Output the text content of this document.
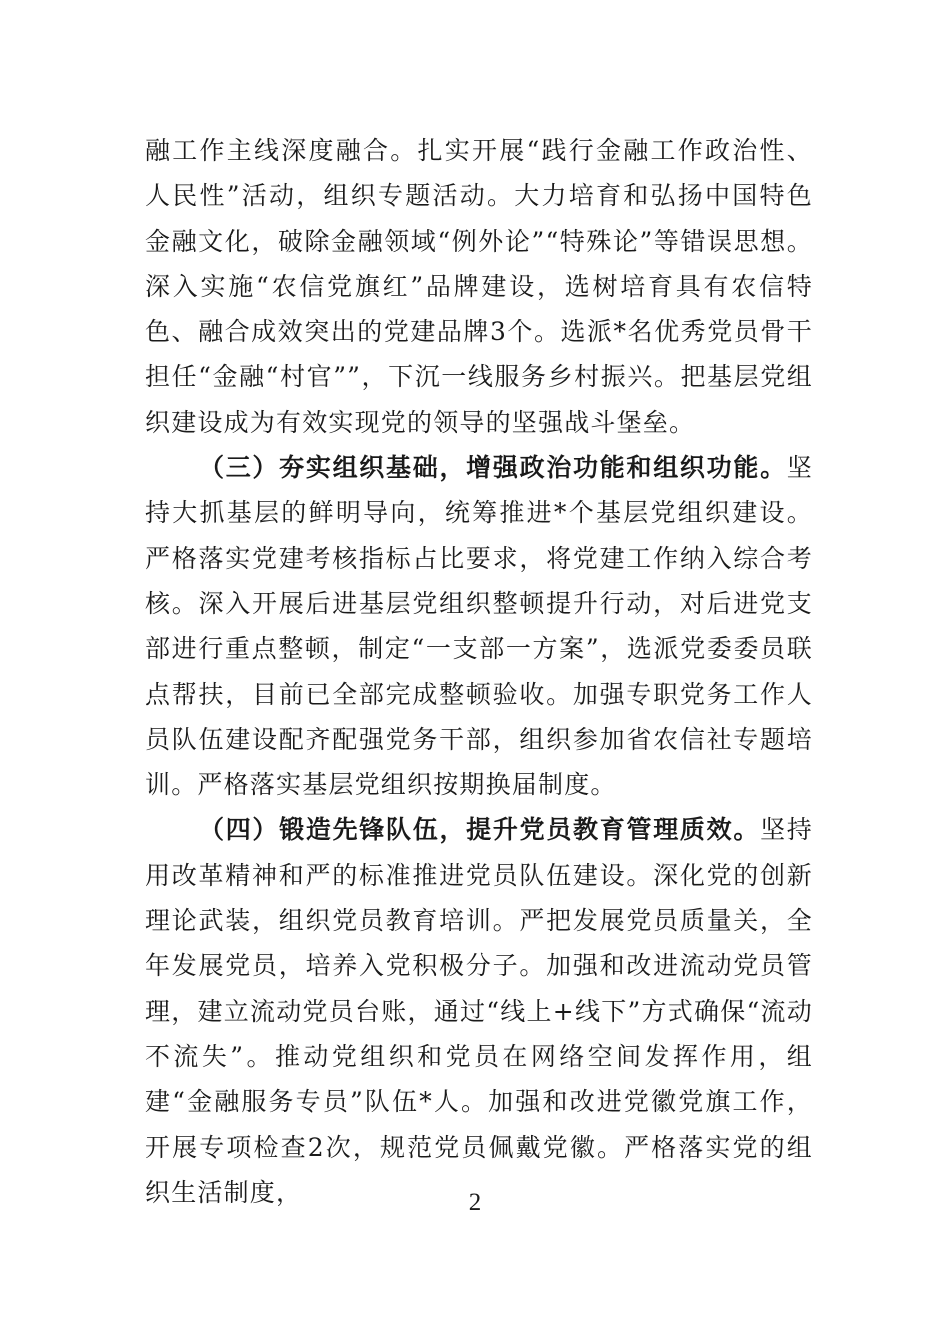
融工作主线深度融合。扎实开展“践行金融工作政治性、人民性”活动，组织专题活动。大力培育和弘扬中国特色金融文化，破除金融领域“例外论”“特殊论”等错误思想。深入实施“农信党旗红”品牌建设，选树培育具有农信特色、融合成效突出的党建品牌3个。选派*名优秀党员骨干担任“金融“村官””，下沉一线服务乡村振兴。把基层党组织建设成为有效实现党的领导的坚强战斗堡垒。

（三）夯实组织基础，增强政治功能和组织功能。坚持大抓基层的鲜明导向，统筹推进*个基层党组织建设。严格落实党建考核指标占比要求，将党建工作纳入综合考核。深入开展后进基层党组织整顿提升行动，对后进党支部进行重点整顿，制定“一支部一方案”，选派党委委员联点帮扶，目前已全部完成整顿验收。加强专职党务工作人员队伍建设配齐配强党务干部，组织参加省农信社专题培训。严格落实基层党组织按期换届制度。

（四）锻造先锋队伍，提升党员教育管理质效。坚持用改革精神和严的标准推进党员队伍建设。深化党的创新理论武装，组织党员教育培训。严把发展党员质量关，全年发展党员，培养入党积极分子。加强和改进流动党员管理，建立流动党员台账，通过“线上+线下”方式确保“流动不流失”。推动党组织和党员在网络空间发挥作用，组建“金融服务专员”队伍*人。加强和改进党徽党旗工作，开展专项检查2次，规范党员佩戴党徽。严格落实党的组织生活制度，	2
